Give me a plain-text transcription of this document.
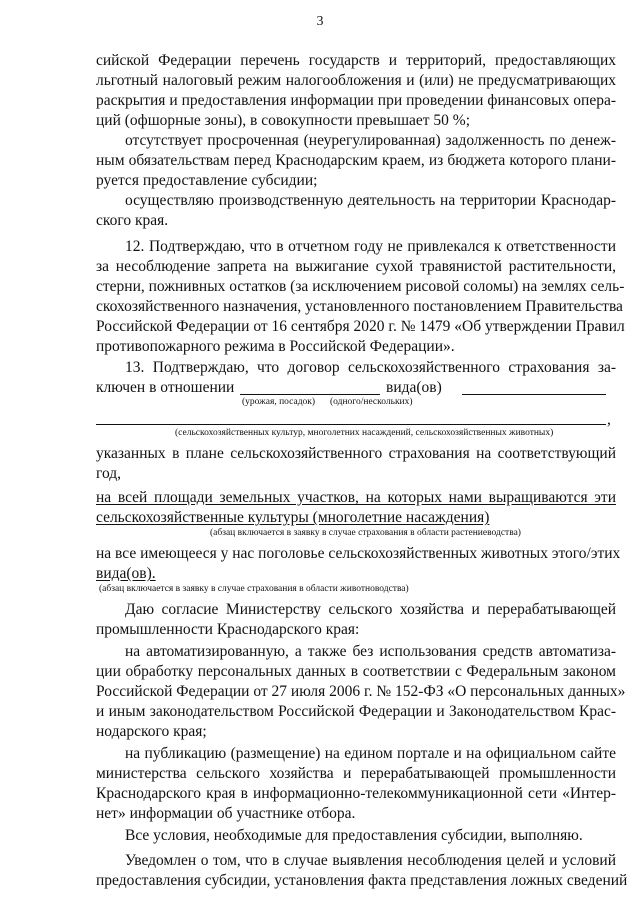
3
сийской Федерации перечень государств и территорий, предоставляющих
льготный налоговый режим налогообложения и (или) не предусматривающих
раскрытия и предоставления информации при проведении финансовых опера-
ций (офшорные зоны), в совокупности превышает 50 %;
отсутствует просроченная (неурегулированная) задолженность по денеж-
ным обязательствам перед Краснодарским краем, из бюджета которого плани-
руется предоставление субсидии;
осуществляю производственную деятельность на территории Краснодар-
ского края.
12. Подтверждаю, что в отчетном году не привлекался к ответственности
за несоблюдение запрета на выжигание сухой травянистой растительности,
стерни, пожнивных остатков (за исключением рисовой соломы) на землях сель-
скохозяйственного назначения, установленного постановлением Правительства
Российской Федерации от 16 сентября 2020 г. № 1479 «Об утверждении Правил
противопожарного режима в Российской Федерации».
13. Подтверждаю, что договор сельскохозяйственного страхования за-
ключен в отношении	вида(ов)
(урожая, посадок) (одного/нескольких)
,
(сельскохозяйственных культур, многолетних насаждений, сельскохозяйственных животных)
указанных в плане сельскохозяйственного страхования на соответствующий
год,
на всей площади земельных участков, на которых нами выращиваются эти
сельскохозяйственные культуры (многолетние насаждения)
(абзац включается в заявку в случае страхования в области растениеводства)
на все имеющееся у нас поголовье сельскохозяйственных животных этого/этих
вида(ов).
(абзац включается в заявку в случае страхования в области животноводства)
Даю согласие Министерству сельского хозяйства и перерабатывающей
промышленности Краснодарского края:
на автоматизированную, а также без использования средств автоматиза-
ции обработку персональных данных в соответствии с Федеральным законом
Российской Федерации от 27 июля 2006 г. № 152-ФЗ «О персональных данных»
и иным законодательством Российской Федерации и Законодательством Крас-
нодарского края;
на публикацию (размещение) на едином портале и на официальном сайте
министерства сельского хозяйства и перерабатывающей промышленности
Краснодарского края в информационно-телекоммуникационной сети «Интер-
нет» информации об участнике отбора.
Все условия, необходимые для предоставления субсидии, выполняю.
Уведомлен о том, что в случае выявления несоблюдения целей и условий
предоставления субсидии, установления факта представления ложных сведений
